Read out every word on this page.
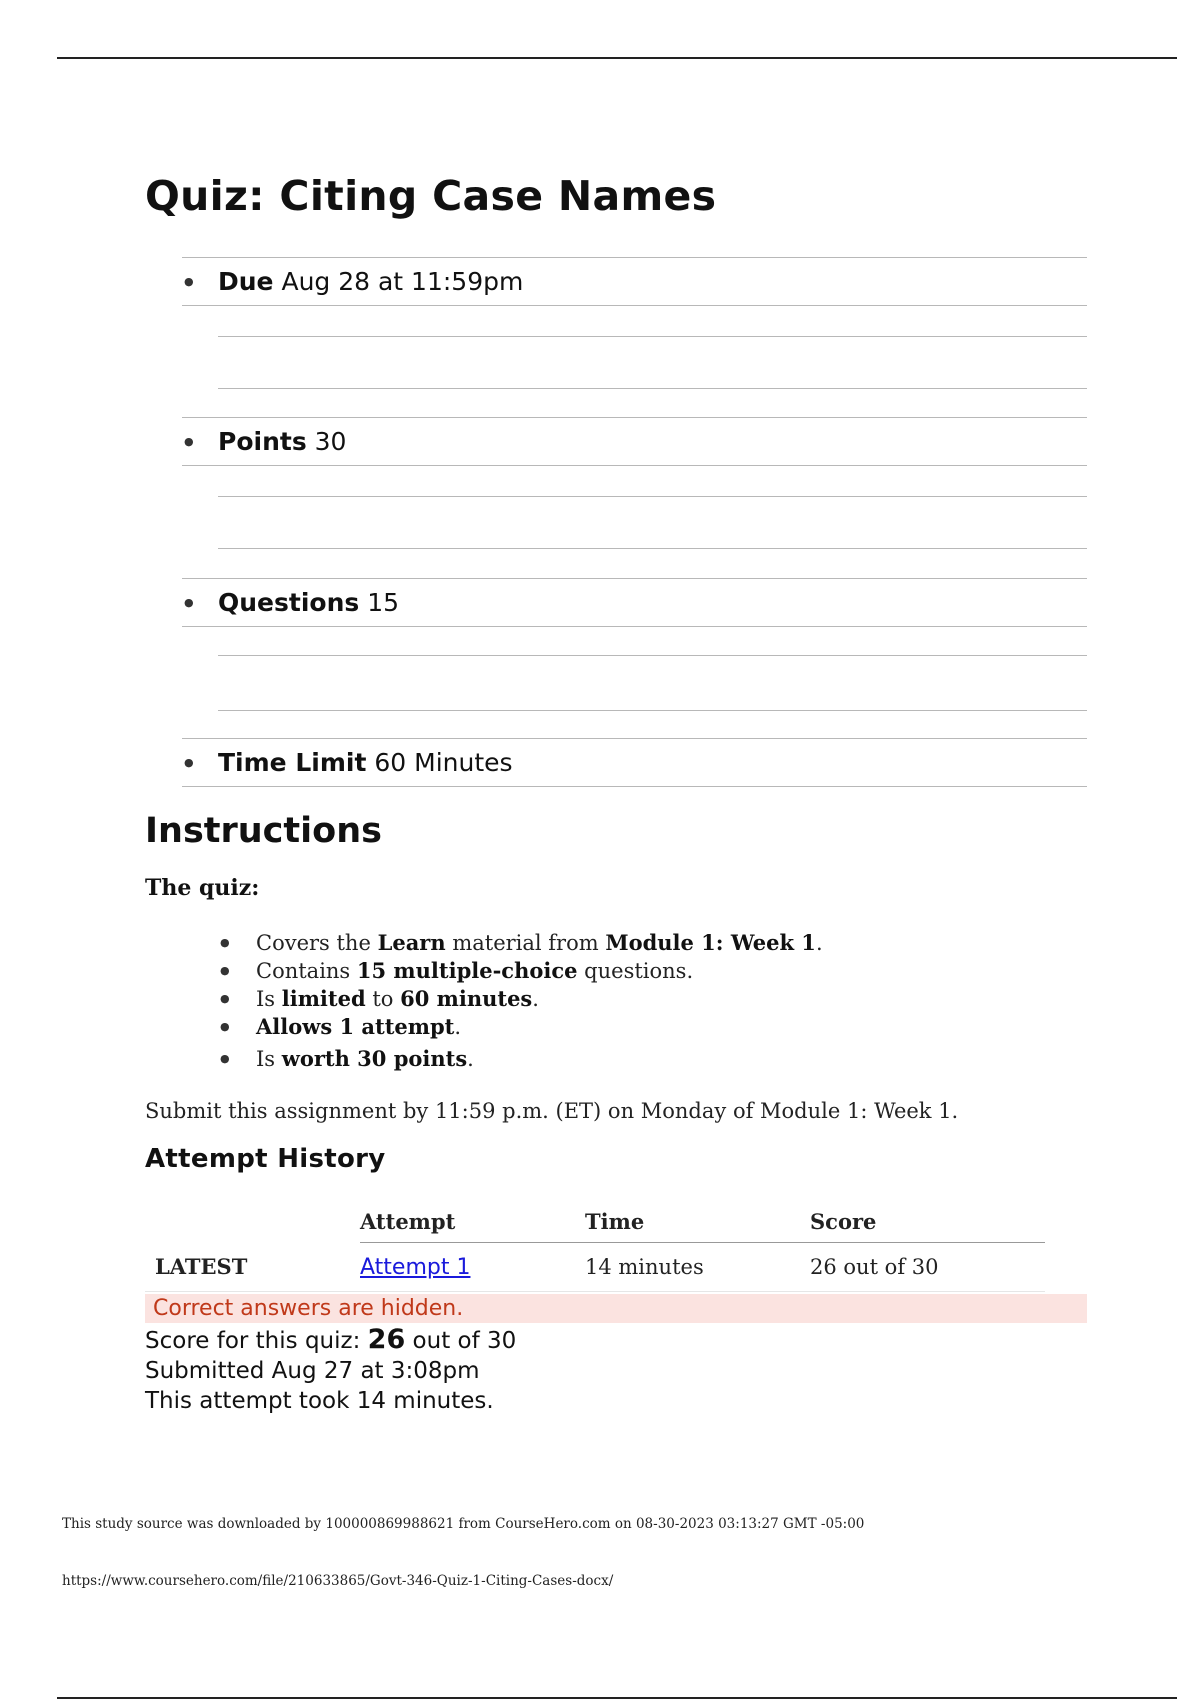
Quiz: Citing Case Names
● Due Aug 28 at 11:59pm
● Points 30
● Questions 15
● Time Limit 60 Minutes
Instructions

The quiz:

●	Covers the Learn material from Module 1: Week 1.
●	Contains 15 multiple-choice questions.
●	Is limited to 60 minutes.
●	Allows 1 attempt.
●	Is worth 30 points.

Submit this assignment by 11:59 p.m. (ET) on Monday of Module 1: Week 1.

Attempt History
	Attempt	Time	Score
LATEST	Attempt 1	14 minutes	26 out of 30
Correct answers are hidden.
Score for this quiz: 26 out of 30
Submitted Aug 27 at 3:08pm
This attempt took 14 minutes.

This study source was downloaded by 100000869988621 from CourseHero.com on 08-30-2023 03:13:27 GMT -05:00

https://www.coursehero.com/file/210633865/Govt-346-Quiz-1-Citing-Cases-docx/
